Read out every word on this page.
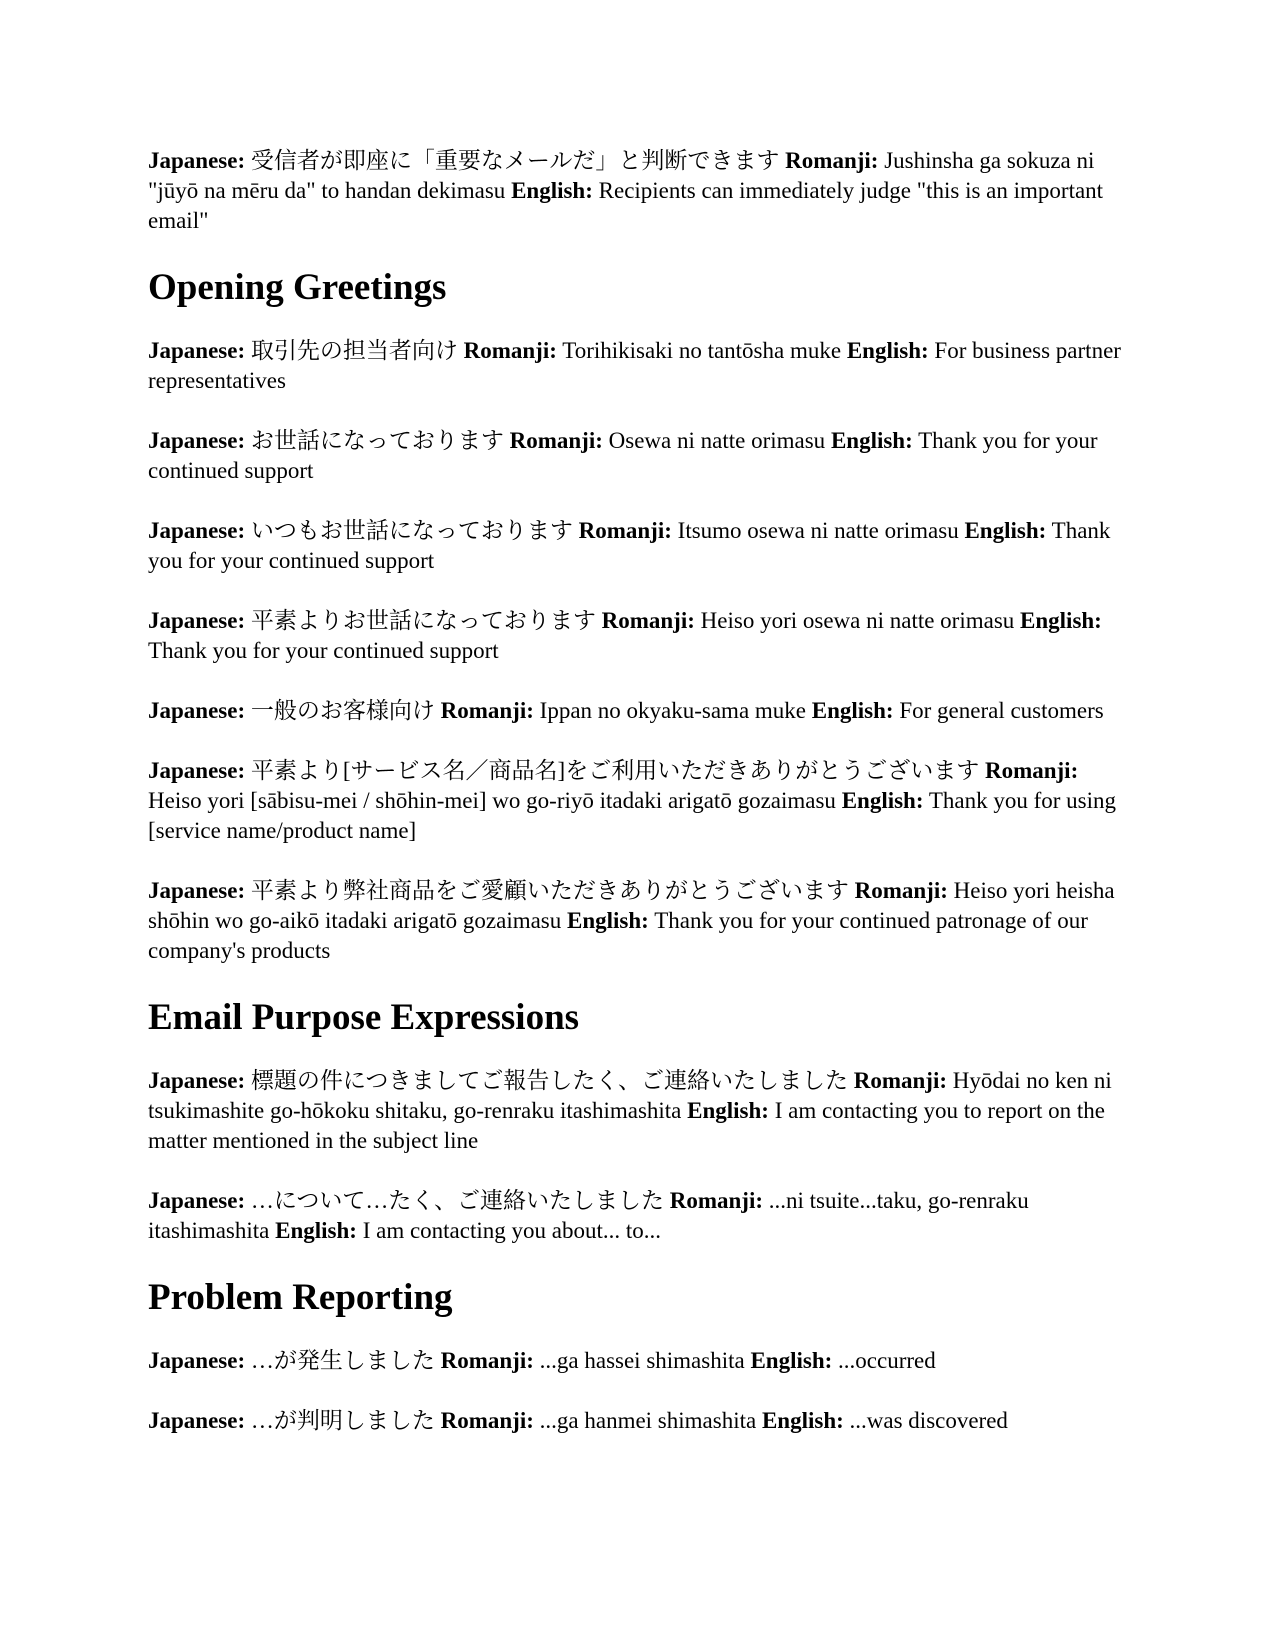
Japanese: 受信者が即座に「重要なメールだ」と判断できます Romanji: Jushinsha ga sokuza ni "jūyō na mēru da" to handan dekimasu English: Recipients can immediately judge "this is an important email"

Opening Greetings

Japanese: 取引先の担当者向け Romanji: Torihikisaki no tantōsha muke English: For business partner representatives

Japanese: お世話になっております Romanji: Osewa ni natte orimasu English: Thank you for your continued support

Japanese: いつもお世話になっております Romanji: Itsumo osewa ni natte orimasu English: Thank you for your continued support

Japanese: 平素よりお世話になっております Romanji: Heiso yori osewa ni natte orimasu English: Thank you for your continued support

Japanese: 一般のお客様向け Romanji: Ippan no okyaku-sama muke English: For general customers

Japanese: 平素より[サービス名／商品名]をご利用いただきありがとうございます Romanji: Heiso yori [sābisu-mei / shōhin-mei] wo go-riyō itadaki arigatō gozaimasu English: Thank you for using [service name/product name]

Japanese: 平素より弊社商品をご愛顧いただきありがとうございます Romanji: Heiso yori heisha shōhin wo go-aikō itadaki arigatō gozaimasu English: Thank you for your continued patronage of our company's products

Email Purpose Expressions

Japanese: 標題の件につきましてご報告したく、ご連絡いたしました Romanji: Hyōdai no ken ni tsukimashite go-hōkoku shitaku, go-renraku itashimashita English: I am contacting you to report on the matter mentioned in the subject line

Japanese: …について…たく、ご連絡いたしました Romanji: ...ni tsuite...taku, go-renraku itashimashita English: I am contacting you about... to...

Problem Reporting

Japanese: …が発生しました Romanji: ...ga hassei shimashita English: ...occurred

Japanese: …が判明しました Romanji: ...ga hanmei shimashita English: ...was discovered
